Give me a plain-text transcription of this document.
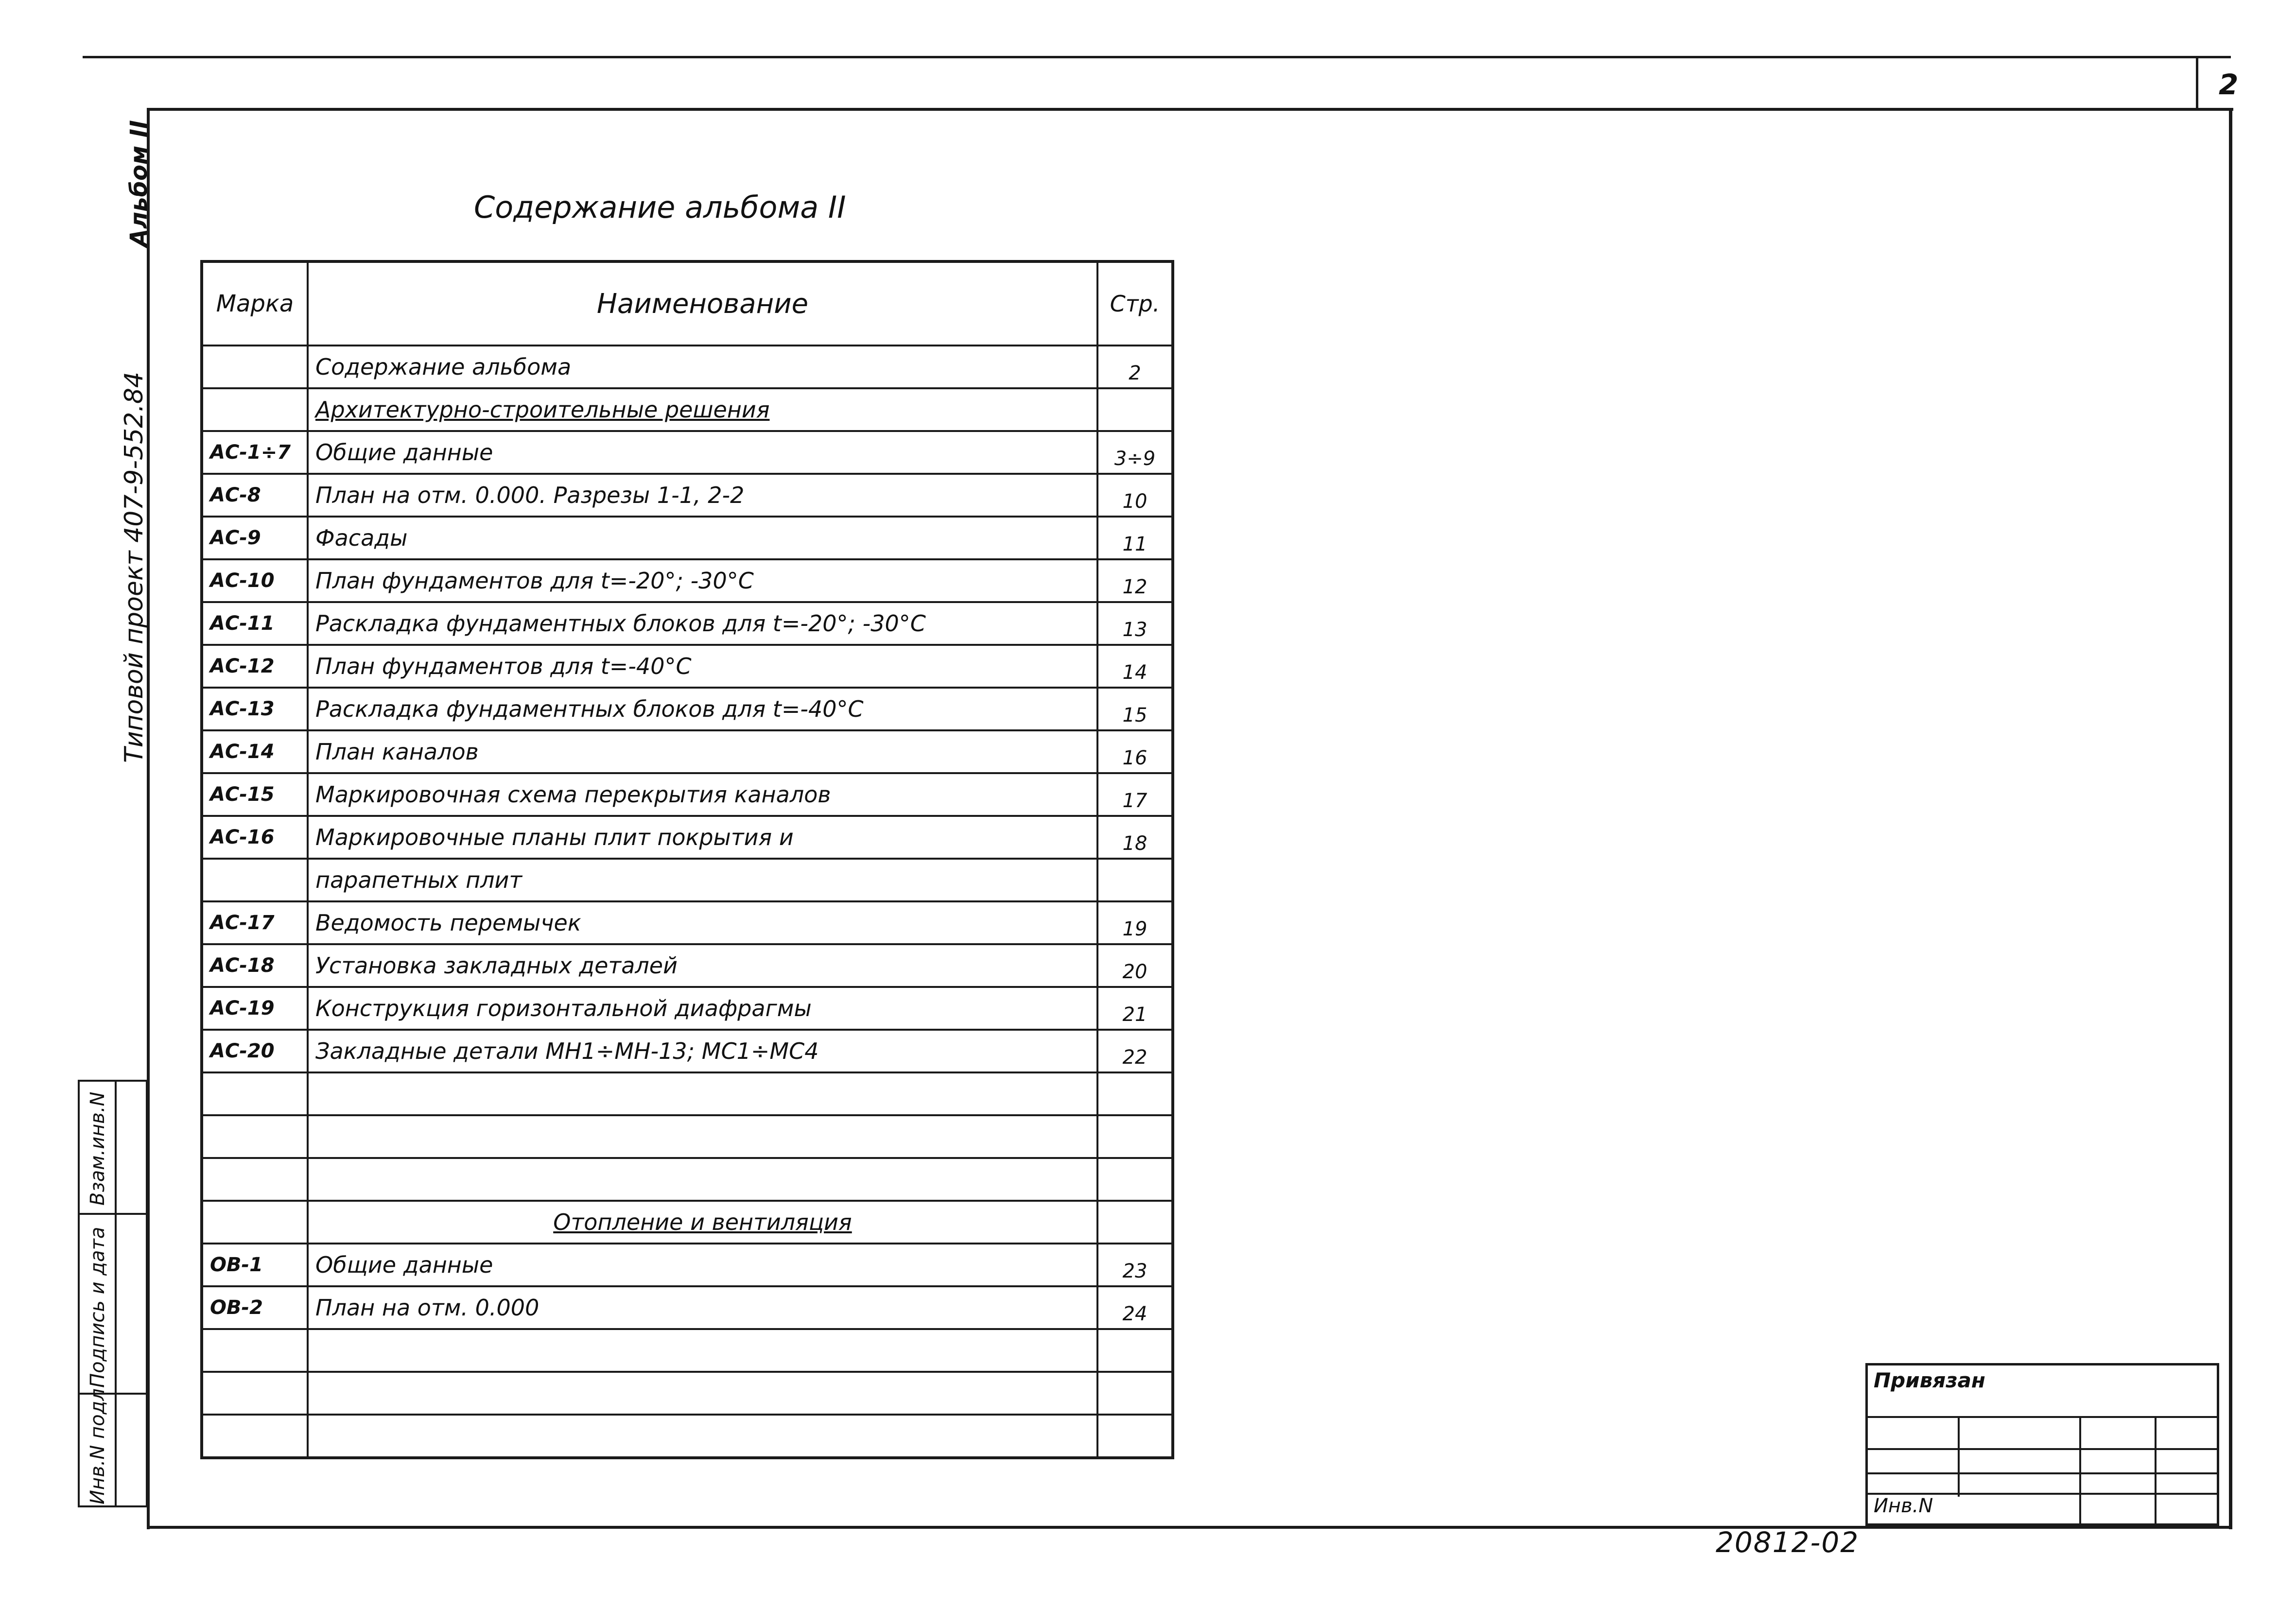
2
Альбом II
Типовой проект 407-9-552.84
Содержание альбома II
Марка	Наименование	Стр.
	Содержание альбома	2
	Архитектурно-строительные решения	
АС-1÷7	Общие данные	3÷9
АС-8	План на отм. 0.000. Разрезы 1-1, 2-2	10
АС-9	Фасады	11
АС-10	План фундаментов для t=-20°; -30°С	12
АС-11	Раскладка фундаментных блоков для t=-20°; -30°С	13
АС-12	План фундаментов для t=-40°С	14
АС-13	Раскладка фундаментных блоков для t=-40°С	15
АС-14	План каналов	16
АС-15	Маркировочная схема перекрытия каналов	17
АС-16	Маркировочные планы плит покрытия и	18
	парапетных плит	
АС-17	Ведомость перемычек	19
АС-18	Установка закладных деталей	20
АС-19	Конструкция горизонтальной диафрагмы	21
АС-20	Закладные детали МН1÷МН-13; МС1÷МС4	22

	Отопление и вентиляция	
ОВ-1	Общие данные	23
ОВ-2	План на отм. 0.000	24

Взам.инв.N
Подпись и дата
Инв.N подл.
Привязан
Инв.N
20812-02
